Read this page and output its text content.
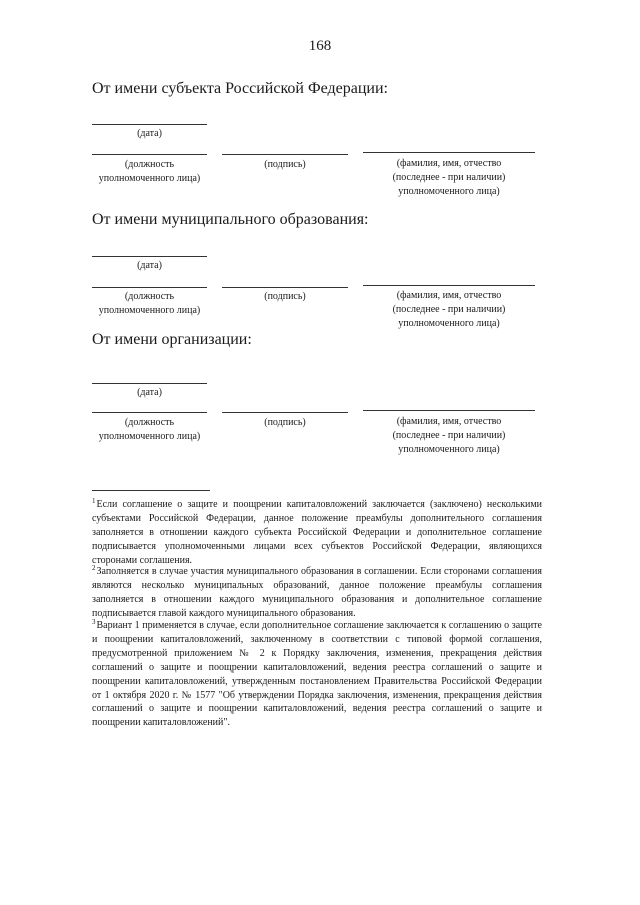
168
От имени субъекта Российской Федерации:
(дата)
(должность
уполномоченного лица)
(подпись)	(фамилия, имя, отчество
(последнее - при наличии)
уполномоченного лица)
От имени муниципального образования:
(дата)
(должность
уполномоченного лица)
(подпись)	(фамилия, имя, отчество
(последнее - при наличии)
уполномоченного лица)
От имени организации:
(дата)
(должность
уполномоченного лица)
(подпись)	(фамилия, имя, отчество
(последнее - при наличии)
уполномоченного лица)
$^1$Если соглашение о защите и поощрении капиталовложений заключается (заключено) несколькими субъектами Российской Федерации, данное положение преамбулы дополнительного соглашения заполняется в отношении каждого субъекта Российской Федерации и дополнительное соглашение подписывается уполномоченными лицами всех субъектов Российской Федерации, являющихся сторонами соглашения.
$^2$Заполняется в случае участия муниципального образования в соглашении. Если сторонами соглашения являются несколько муниципальных образований, данное положение преамбулы соглашения заполняется в отношении каждого муниципального образования и дополнительное соглашение подписывается главой каждого муниципального образования.
$^3$Вариант 1 применяется в случае, если дополнительное соглашение заключается к соглашению о защите и поощрении капиталовложений, заключенному в соответствии с типовой формой соглашения, предусмотренной приложением № 2 к Порядку заключения, изменения, прекращения действия соглашений о защите и поощрении капиталовложений, ведения реестра соглашений о защите и поощрении капиталовложений, утвержденным постановлением Правительства Российской Федерации от 1 октября 2020 г. № 1577 "Об утверждении Порядка заключения, изменения, прекращения действия соглашений о защите и поощрении капиталовложений, ведения реестра соглашений о защите и поощрении капиталовложений".
